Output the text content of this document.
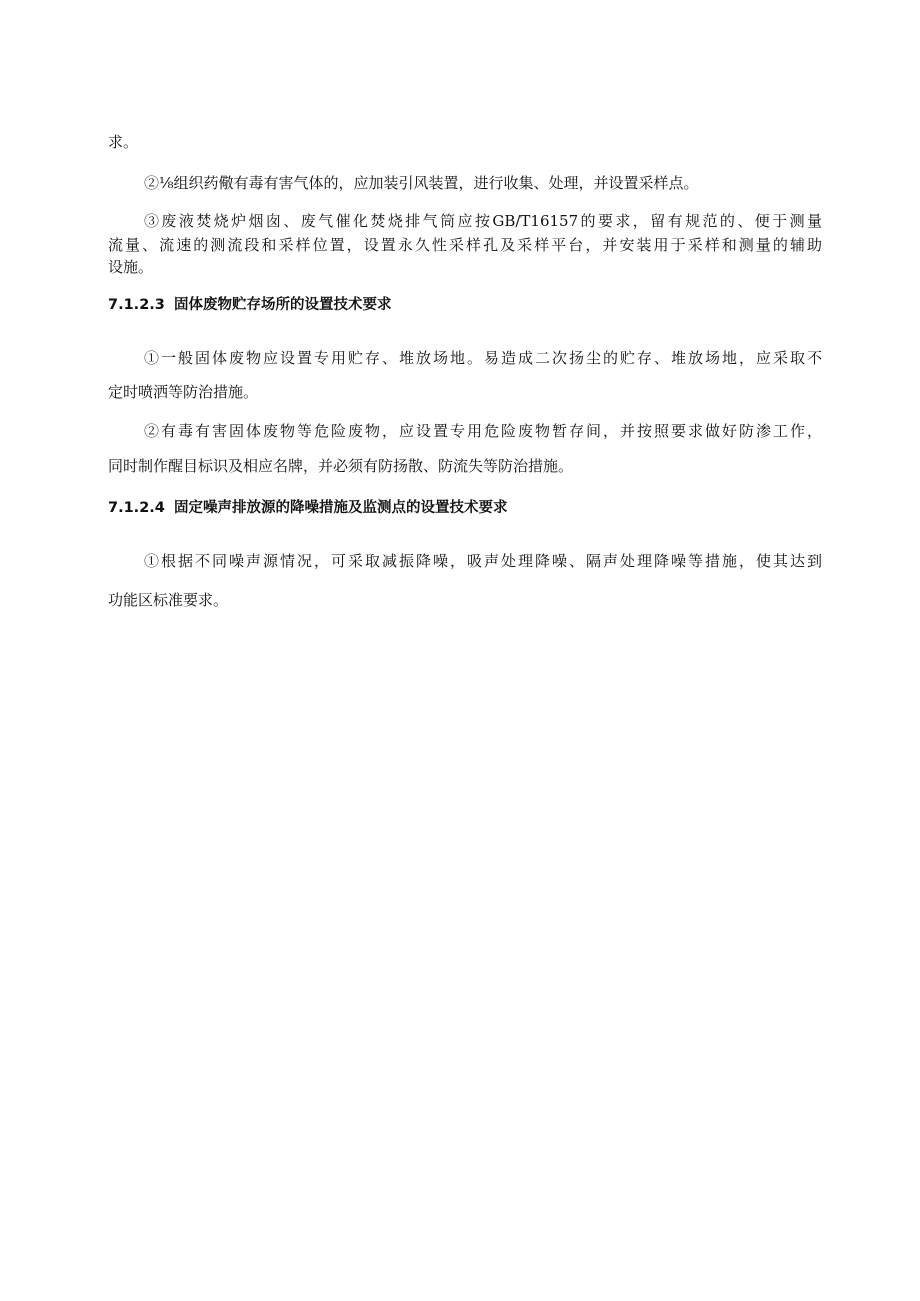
求。
②⅛组织药儆有毒有害气体的，应加装引风装置，进行收集、处理，并设置采样点。
③废液焚烧炉烟囱、废气催化焚烧排气筒应按GB/T16157的要求，留有规范的、便于测量
流量、流速的测流段和采样位置，设置永久性采样孔及采样平台，并安装用于采样和测量的辅助
设施。
7.1.2.3 固体废物贮存场所的设置技术要求
①一般固体废物应设置专用贮存、堆放场地。易造成二次扬尘的贮存、堆放场地，应采取不
定时喷洒等防治措施。
②有毒有害固体废物等危险废物，应设置专用危险废物暂存间，并按照要求做好防渗工作，
同时制作醒目标识及相应名牌，并必须有防扬散、防流失等防治措施。
7.1.2.4 固定噪声排放源的降噪措施及监测点的设置技术要求
①根据不同噪声源情况，可采取减振降噪，吸声处理降噪、隔声处理降噪等措施，使其达到
功能区标准要求。
